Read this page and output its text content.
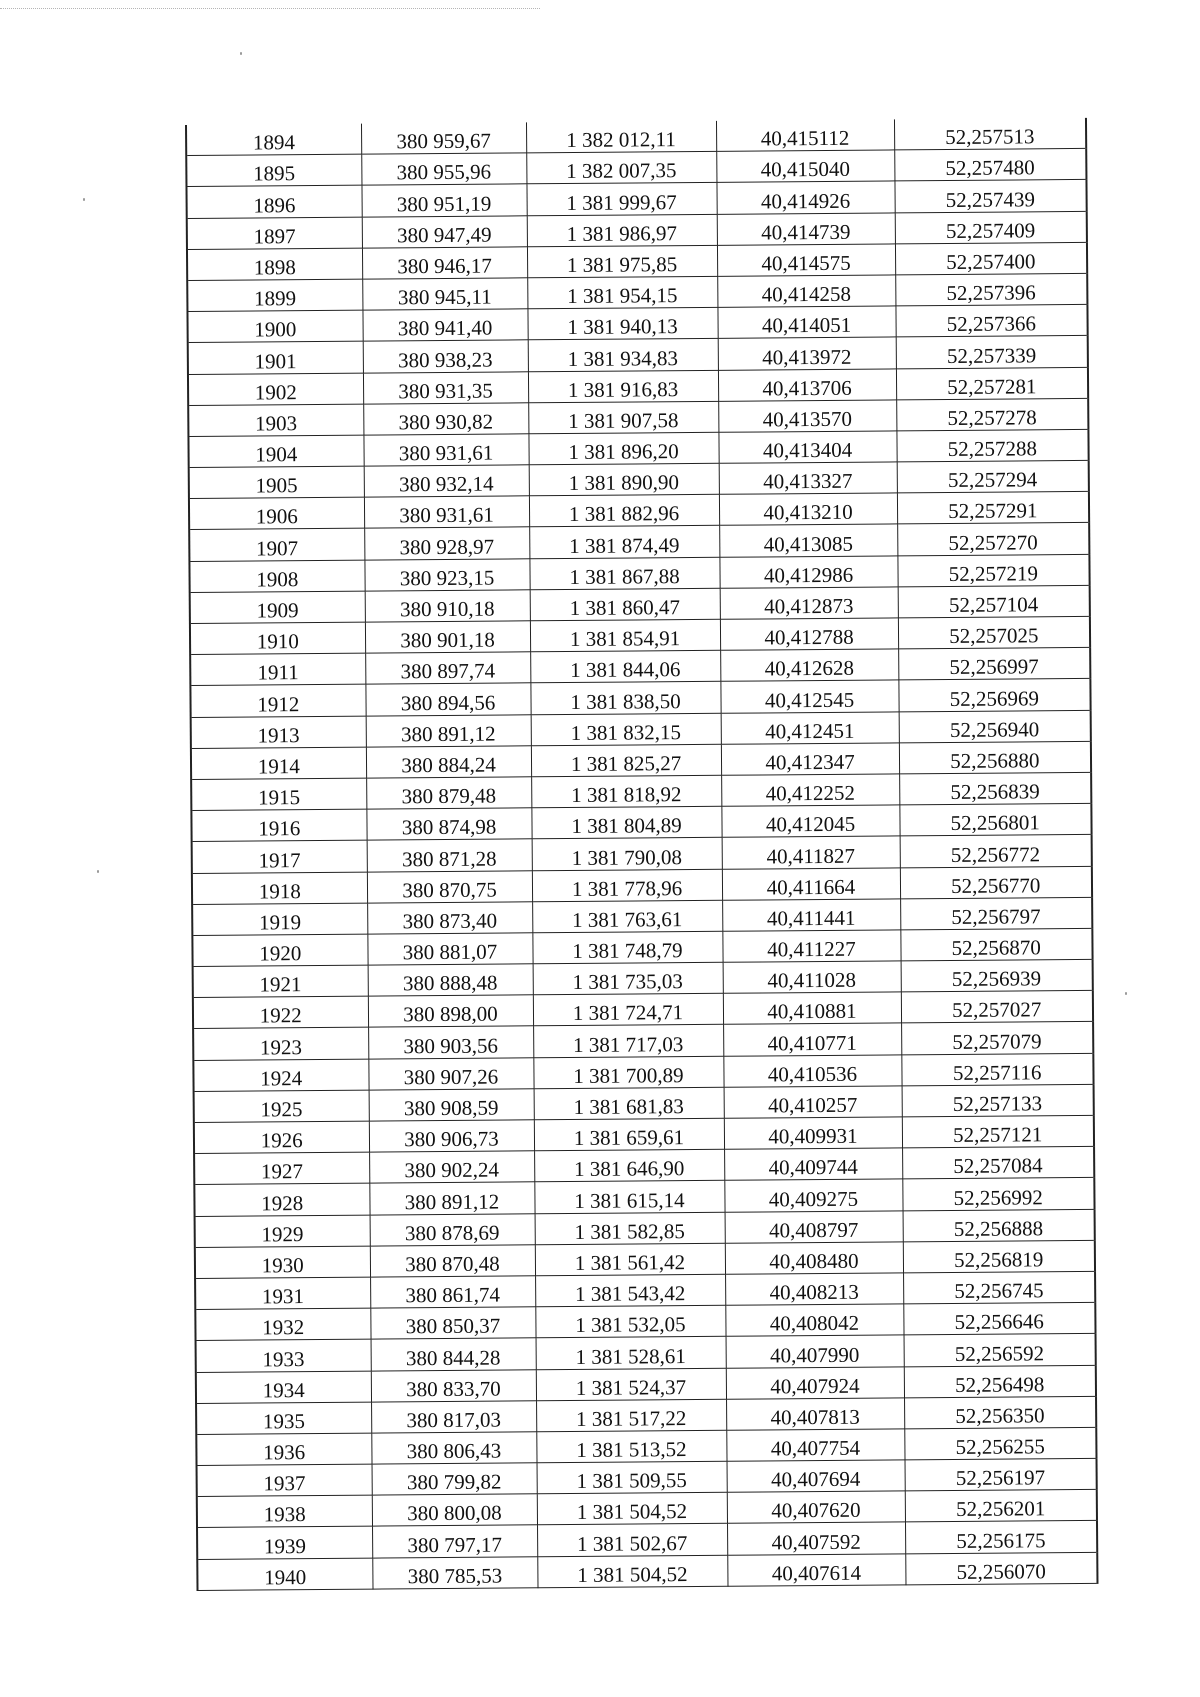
1894	380 959,67	1 382 012,11	40,415112	52,257513
1895	380 955,96	1 382 007,35	40,415040	52,257480
1896	380 951,19	1 381 999,67	40,414926	52,257439
1897	380 947,49	1 381 986,97	40,414739	52,257409
1898	380 946,17	1 381 975,85	40,414575	52,257400
1899	380 945,11	1 381 954,15	40,414258	52,257396
1900	380 941,40	1 381 940,13	40,414051	52,257366
1901	380 938,23	1 381 934,83	40,413972	52,257339
1902	380 931,35	1 381 916,83	40,413706	52,257281
1903	380 930,82	1 381 907,58	40,413570	52,257278
1904	380 931,61	1 381 896,20	40,413404	52,257288
1905	380 932,14	1 381 890,90	40,413327	52,257294
1906	380 931,61	1 381 882,96	40,413210	52,257291
1907	380 928,97	1 381 874,49	40,413085	52,257270
1908	380 923,15	1 381 867,88	40,412986	52,257219
1909	380 910,18	1 381 860,47	40,412873	52,257104
1910	380 901,18	1 381 854,91	40,412788	52,257025
1911	380 897,74	1 381 844,06	40,412628	52,256997
1912	380 894,56	1 381 838,50	40,412545	52,256969
1913	380 891,12	1 381 832,15	40,412451	52,256940
1914	380 884,24	1 381 825,27	40,412347	52,256880
1915	380 879,48	1 381 818,92	40,412252	52,256839
1916	380 874,98	1 381 804,89	40,412045	52,256801
1917	380 871,28	1 381 790,08	40,411827	52,256772
1918	380 870,75	1 381 778,96	40,411664	52,256770
1919	380 873,40	1 381 763,61	40,411441	52,256797
1920	380 881,07	1 381 748,79	40,411227	52,256870
1921	380 888,48	1 381 735,03	40,411028	52,256939
1922	380 898,00	1 381 724,71	40,410881	52,257027
1923	380 903,56	1 381 717,03	40,410771	52,257079
1924	380 907,26	1 381 700,89	40,410536	52,257116
1925	380 908,59	1 381 681,83	40,410257	52,257133
1926	380 906,73	1 381 659,61	40,409931	52,257121
1927	380 902,24	1 381 646,90	40,409744	52,257084
1928	380 891,12	1 381 615,14	40,409275	52,256992
1929	380 878,69	1 381 582,85	40,408797	52,256888
1930	380 870,48	1 381 561,42	40,408480	52,256819
1931	380 861,74	1 381 543,42	40,408213	52,256745
1932	380 850,37	1 381 532,05	40,408042	52,256646
1933	380 844,28	1 381 528,61	40,407990	52,256592
1934	380 833,70	1 381 524,37	40,407924	52,256498
1935	380 817,03	1 381 517,22	40,407813	52,256350
1936	380 806,43	1 381 513,52	40,407754	52,256255
1937	380 799,82	1 381 509,55	40,407694	52,256197
1938	380 800,08	1 381 504,52	40,407620	52,256201
1939	380 797,17	1 381 502,67	40,407592	52,256175
1940	380 785,53	1 381 504,52	40,407614	52,256070
